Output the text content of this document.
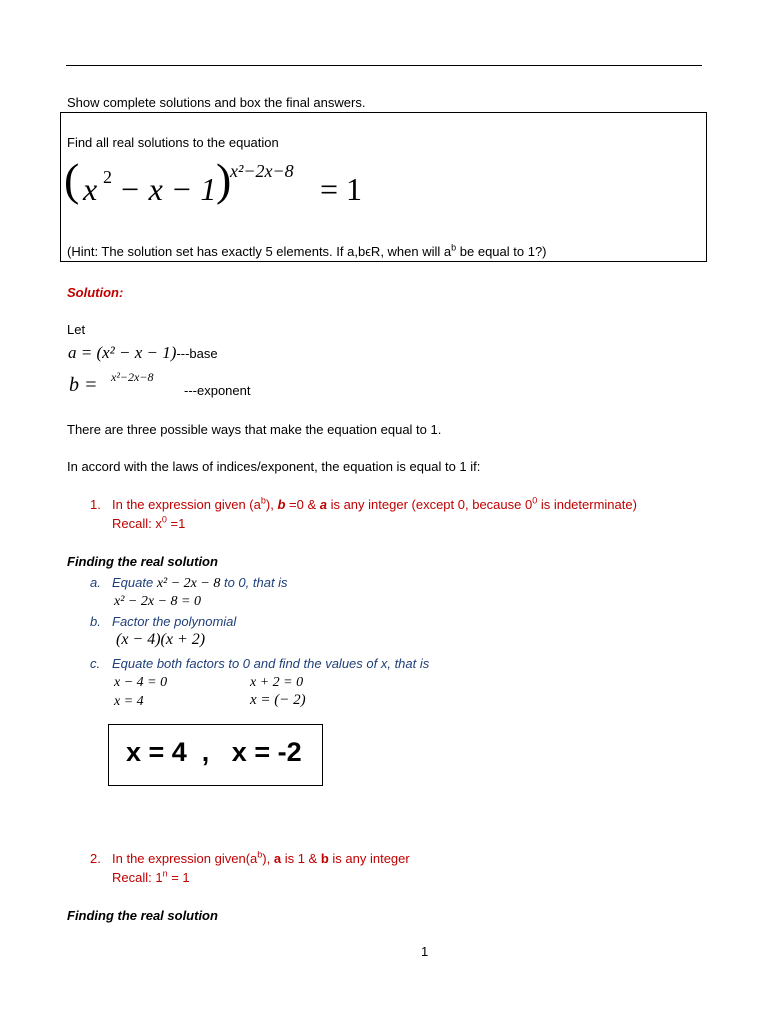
Show complete solutions and box the final answers.
Find all real solutions to the equation
( x 2 − x − 1 )
x²−2x−8 = 1
(Hint: The solution set has exactly 5 elements. If a,bϵR, when will $a^b$ be equal to 1?)
Solution:
Let
a = (x² − x − 1)---base
b = x²−2x−8
---exponent
There are three possible ways that make the equation equal to 1.
In accord with the laws of indices/exponent, the equation is equal to 1 if:
1. In the expression given $(a^b)$, b =0 & a is any integer (except 0, because $0^0$ is indeterminate)
Recall: $x^0 =1$
Finding the real solution
a. Equate x² − 2x − 8 to 0, that is
x² − 2x − 8 = 0
b. Factor the polynomial
(x − 4)(x + 2)
c. Equate both factors to 0 and find the values of x, that is
x − 4 = 0	x + 2 = 0
x = 4	x = (− 2)
x = 4  ,   x = -2
2. In the expression $given(a^b)$, a is 1 & b is any integer
Recall: $1^n = 1$
Finding the real solution
1
